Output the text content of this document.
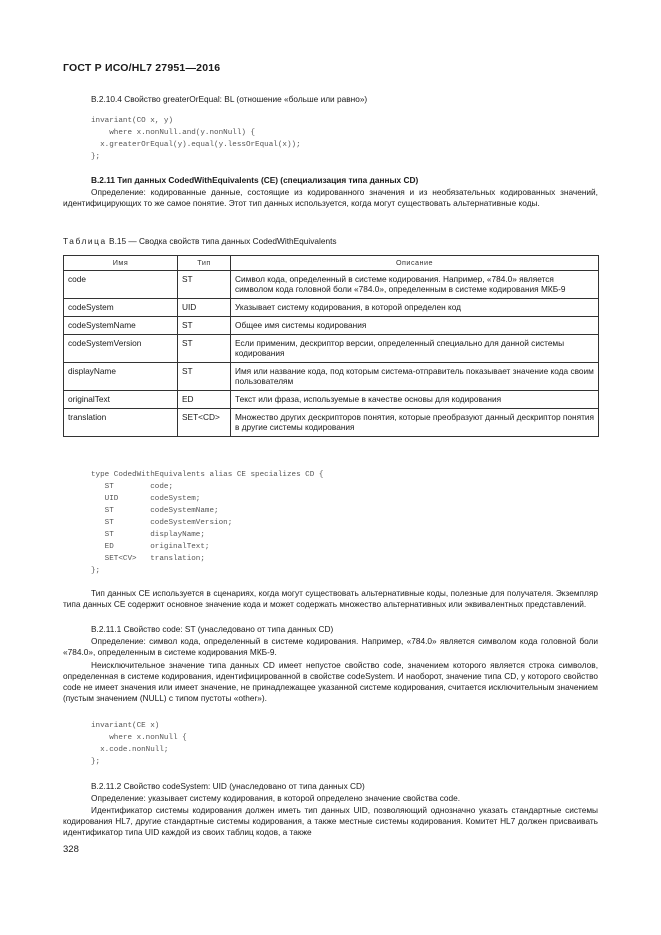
ГОСТ Р ИСО/HL7 27951—2016
B.2.10.4 Свойство greaterOrEqual: BL (отношение «больше или равно»)
invariant(CO x, y)
where x.nonNull.and(y.nonNull) {
x.greaterOrEqual(y).equal(y.lessOrEqual(x));
};
B.2.11 Тип данных CodedWithEquivalents (CE) (специализация типа данных CD)
Определение: кодированные данные, состоящие из кодированного значения и из необязательных кодированных значений, идентифицирующих то же самое понятие. Этот тип данных используется, когда могут существовать альтернативные коды.
Таблица B.15 — Сводка свойств типа данных CodedWithEquivalents
Имя	Тип	Описание
code	ST	Символ кода, определенный в системе кодирования. Например, «784.0» является символом кода головной боли «784.0», определенным в системе кодирования МКБ-9
codeSystem	UID	Указывает систему кодирования, в которой определен код
codeSystemName	ST	Общее имя системы кодирования
codeSystemVersion	ST	Если применим, дескриптор версии, определенный специально для данной системы кодирования
displayName	ST	Имя или название кода, под которым система-отправитель показывает значение кода своим пользователям
originalText	ED	Текст или фраза, используемые в качестве основы для кодирования
translation	SET<CD>	Множество других дескрипторов понятия, которые преобразуют данный дескриптор понятия в другие системы кодирования
type CodedWithEquivalents alias CE specializes CD {
ST        code;
UID       codeSystem;
ST        codeSystemName;
ST        codeSystemVersion;
ST        displayName;
ED        originalText;
SET<CV>   translation;
};
Тип данных CE используется в сценариях, когда могут существовать альтернативные коды, полезные для получателя. Экземпляр типа данных CE содержит основное значение кода и может содержать множество альтернативных или эквивалентных представлений.
B.2.11.1 Свойство code: ST (унаследовано от типа данных CD)
Определение: символ кода, определенный в системе кодирования. Например, «784.0» является символом кода головной боли «784.0», определенным в системе кодирования МКБ-9.
Неисключительное значение типа данных CD имеет непустое свойство code, значением которого является строка символов, определенная в системе кодирования, идентифицированной в свойстве codeSystem. И наоборот, значение типа CD, у которого свойство code не имеет значения или имеет значение, не принадлежащее указанной системе кодирования, считается исключительным значением (пустым значением (NULL) с типом пустоты «other»).
invariant(CE x)
where x.nonNull {
x.code.nonNull;
};
B.2.11.2 Свойство codeSystem: UID (унаследовано от типа данных CD)
Определение: указывает систему кодирования, в которой определено значение свойства code.
Идентификатор системы кодирования должен иметь тип данных UID, позволяющий однозначно указать стандартные системы кодирования HL7, другие стандартные системы кодирования, а также местные системы кодирования. Комитет HL7 должен присваивать идентификатор типа UID каждой из своих таблиц кодов, а также
328
